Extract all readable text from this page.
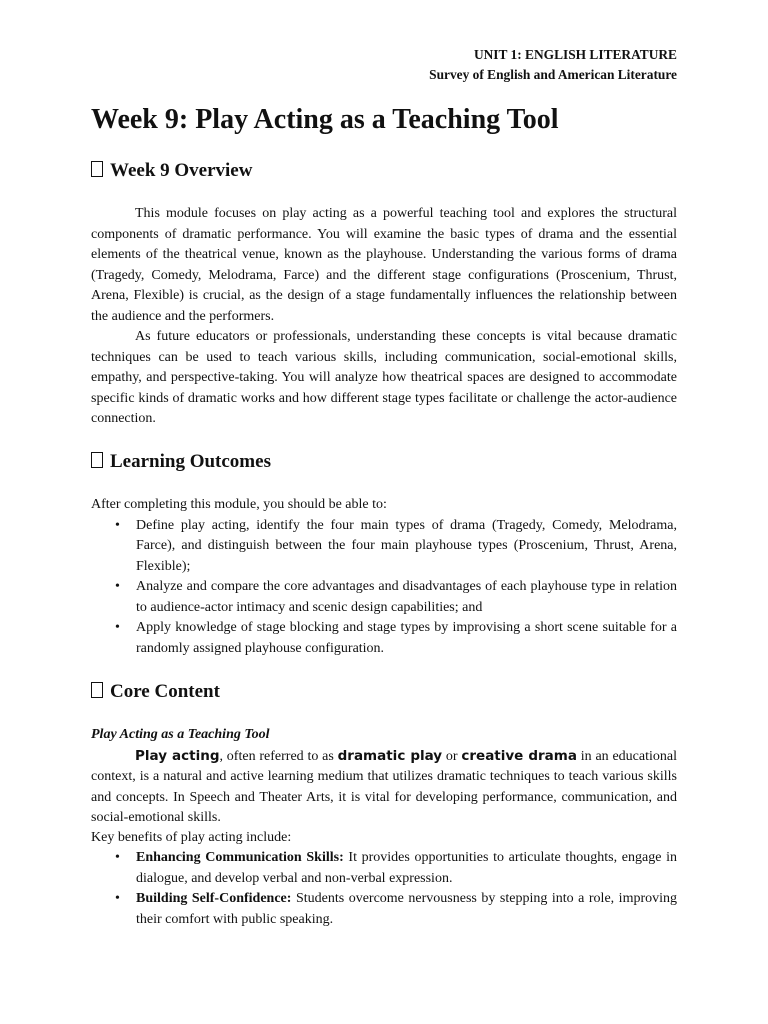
UNIT 1: ENGLISH LITERATURE
Survey of English and American Literature
Week 9: Play Acting as a Teaching Tool
Week 9 Overview

This module focuses on play acting as a powerful teaching tool and explores the structural components of dramatic performance. You will examine the basic types of drama and the essential elements of the theatrical venue, known as the playhouse. Understanding the various forms of drama (Tragedy, Comedy, Melodrama, Farce) and the different stage configurations (Proscenium, Thrust, Arena, Flexible) is crucial, as the design of a stage fundamentally influences the relationship between the audience and the performers.

As future educators or professionals, understanding these concepts is vital because dramatic techniques can be used to teach various skills, including communication, social-emotional skills, empathy, and perspective-taking. You will analyze how theatrical spaces are designed to accommodate specific kinds of dramatic works and how different stage types facilitate or challenge the actor-audience connection.

Learning Outcomes

After completing this module, you should be able to:

• Define play acting, identify the four main types of drama (Tragedy, Comedy, Melodrama, Farce), and distinguish between the four main playhouse types (Proscenium, Thrust, Arena, Flexible);
• Analyze and compare the core advantages and disadvantages of each playhouse type in relation to audience-actor intimacy and scenic design capabilities; and
• Apply knowledge of stage blocking and stage types by improvising a short scene suitable for a randomly assigned playhouse configuration.
Core Content

Play Acting as a Teaching Tool

Play acting, often referred to as dramatic play or creative drama in an educational context, is a natural and active learning medium that utilizes dramatic techniques to teach various skills and concepts. In Speech and Theater Arts, it is vital for developing performance, communication, and social-emotional skills.

Key benefits of play acting include:

• Enhancing Communication Skills: It provides opportunities to articulate thoughts, engage in dialogue, and develop verbal and non-verbal expression.
• Building Self-Confidence: Students overcome nervousness by stepping into a role, improving their comfort with public speaking.
